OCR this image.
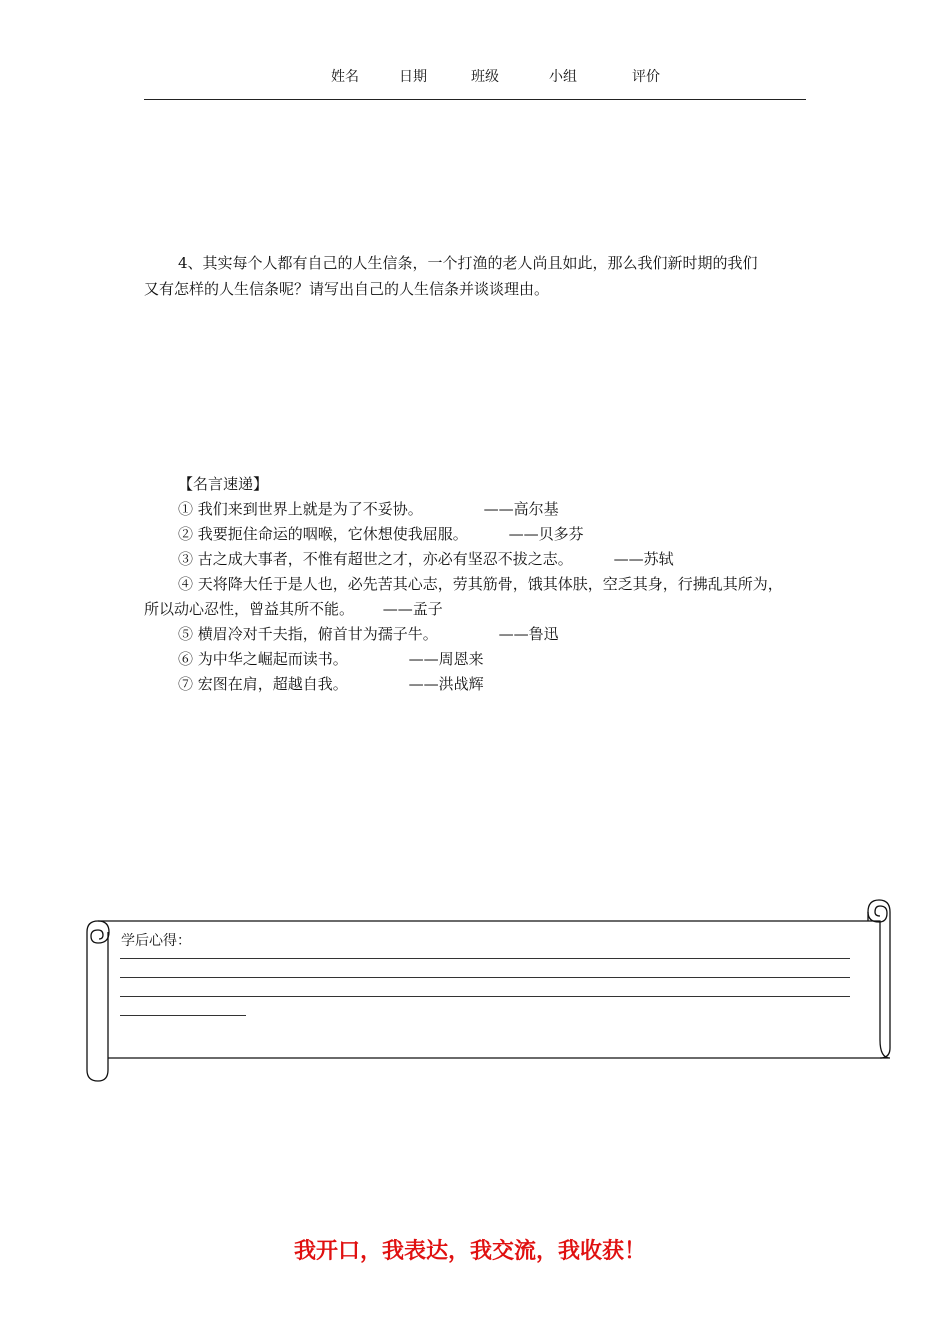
姓名	日期	班级	小组	评价
4、其实每个人都有自己的人生信条，一个打渔的老人尚且如此，那么我们新时期的我们
又有怎样的人生信条呢？请写出自己的人生信条并谈谈理由。
【名言速递】
① 我们来到世界上就是为了不妥协。	——高尔基
② 我要扼住命运的咽喉，它休想使我屈服。	——贝多芬
③ 古之成大事者，不惟有超世之才，亦必有坚忍不拔之志。	——苏轼
④ 天将降大任于是人也，必先苦其心志，劳其筋骨，饿其体肤，空乏其身，行拂乱其所为，
所以动心忍性，曾益其所不能。 ——孟子
⑤ 横眉冷对千夫指，俯首甘为孺子牛。	——鲁迅
⑥ 为中华之崛起而读书。	——周恩来
⑦ 宏图在肩，超越自我。	——洪战辉
学后心得：
我开口，我表达，我交流，我收获！
